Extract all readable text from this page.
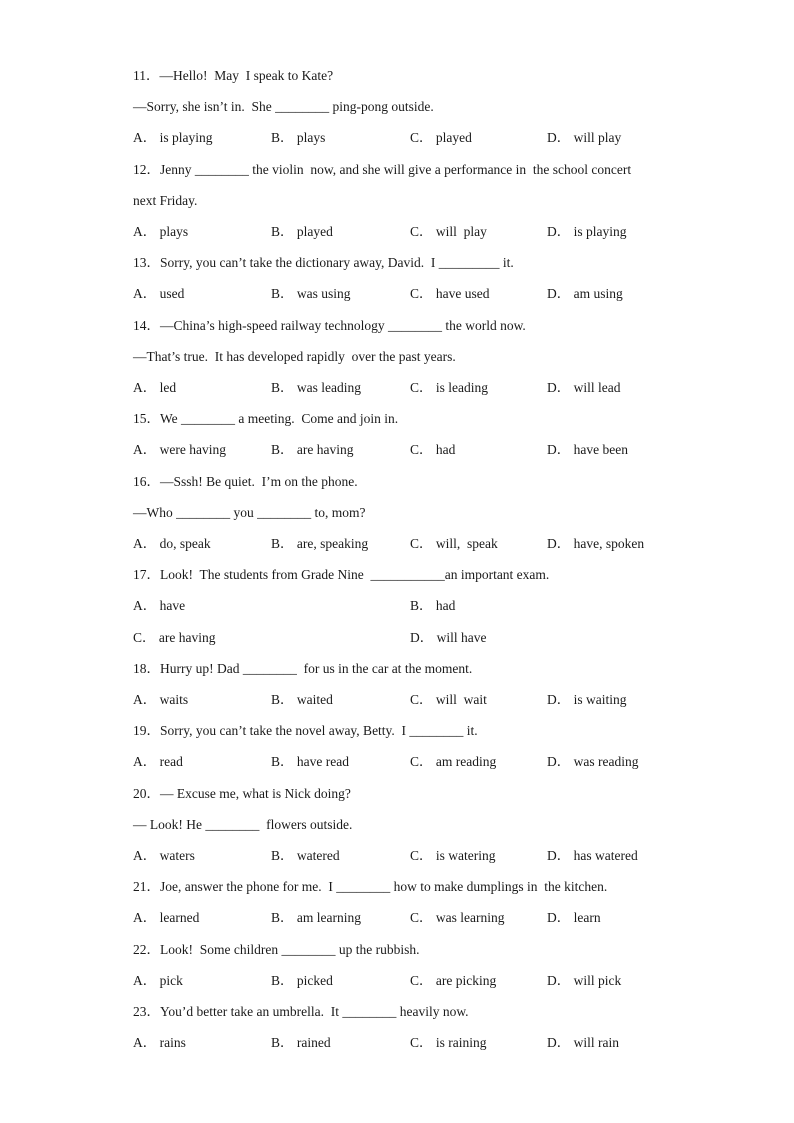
11．—Hello!  May  I speak to Kate?
—Sorry, she isn’t in.  She ________ ping-pong outside.
A． is playing	B． plays	C． played	D． will play
12．Jenny ________ the violin  now, and she will give a performance in  the school concert
next Friday.
A． plays	B． played	C． will  play	D． is playing
13．Sorry, you can’t take the dictionary away, David.  I _________ it.
A． used	B． was using	C． have used	D． am using
14．—China’s high-speed railway technology ________ the world now.
—That’s true.  It has developed rapidly  over the past years.
A． led	B． was leading	C． is leading	D． will lead
15．We ________ a meeting.  Come and join in.
A． were having	B． are having	C． had	D． have been
16．—Sssh! Be quiet.  I’m on the phone.
—Who ________ you ________ to, mom?
A． do, speak	B． are, speaking	C． will,  speak	D． have, spoken
17．Look!  The students from Grade Nine  ___________an important exam.
A． have	B． had
C． are having	D． will have
18．Hurry up! Dad ________  for us in the car at the moment.
A． waits	B． waited	C． will  wait	D． is waiting
19．Sorry, you can’t take the novel away, Betty.  I ________ it.
A． read	B． have read	C． am reading	D． was reading
20．— Excuse me, what is Nick doing?
— Look! He ________  flowers outside.
A． waters	B． watered	C． is watering	D． has watered
21．Joe, answer the phone for me.  I ________ how to make dumplings in  the kitchen.
A． learned	B． am learning	C． was learning	D． learn
22．Look!  Some children ________ up the rubbish.
A． pick	B． picked	C． are picking	D． will pick
23．You’d better take an umbrella.  It ________ heavily now.
A． rains	B． rained	C． is raining	D． will rain
